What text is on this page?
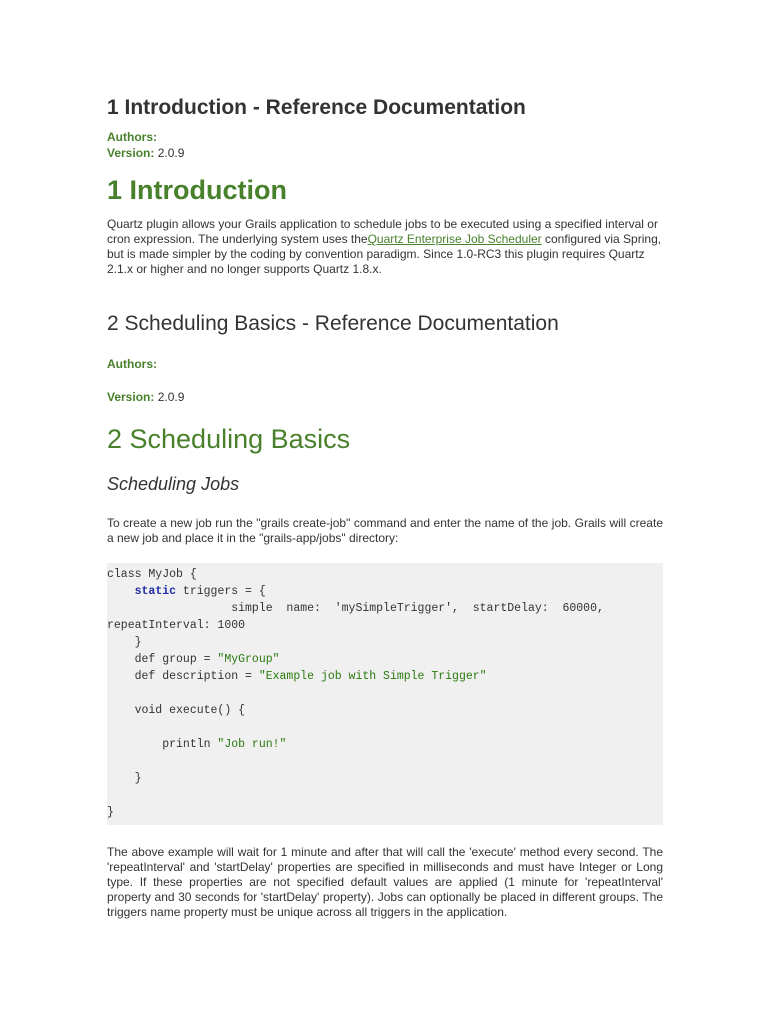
1 Introduction - Reference Documentation
Authors:
Version: 2.0.9
1 Introduction

Quartz plugin allows your Grails application to schedule jobs to be executed using a specified interval or cron expression. The underlying system uses theQuartz Enterprise Job Scheduler configured via Spring, but is made simpler by the coding by convention paradigm. Since 1.0-RC3 this plugin requires Quartz 2.1.x or higher and no longer supports Quartz 1.8.x.

2 Scheduling Basics - Reference Documentation
Authors:
Version: 2.0.9
2 Scheduling Basics
Scheduling Jobs

To create a new job run the "grails create-job" command and enter the name of the job. Grails will create a new job and place it in the "grails-app/jobs" directory:

class MyJob {
static triggers = {
simple  name:  'mySimpleTrigger',  startDelay:  60000,
repeatInterval: 1000
}
def group = "MyGroup"
def description = "Example job with Simple Trigger"
void execute() {
println "Job run!"
}
}

The above example will wait for 1 minute and after that will call the 'execute' method every second. The 'repeatInterval' and 'startDelay' properties are specified in milliseconds and must have Integer or Long type. If these properties are not specified default values are applied (1 minute for 'repeatInterval' property and 30 seconds for 'startDelay' property). Jobs can optionally be placed in different groups. The triggers name property must be unique across all triggers in the application.
